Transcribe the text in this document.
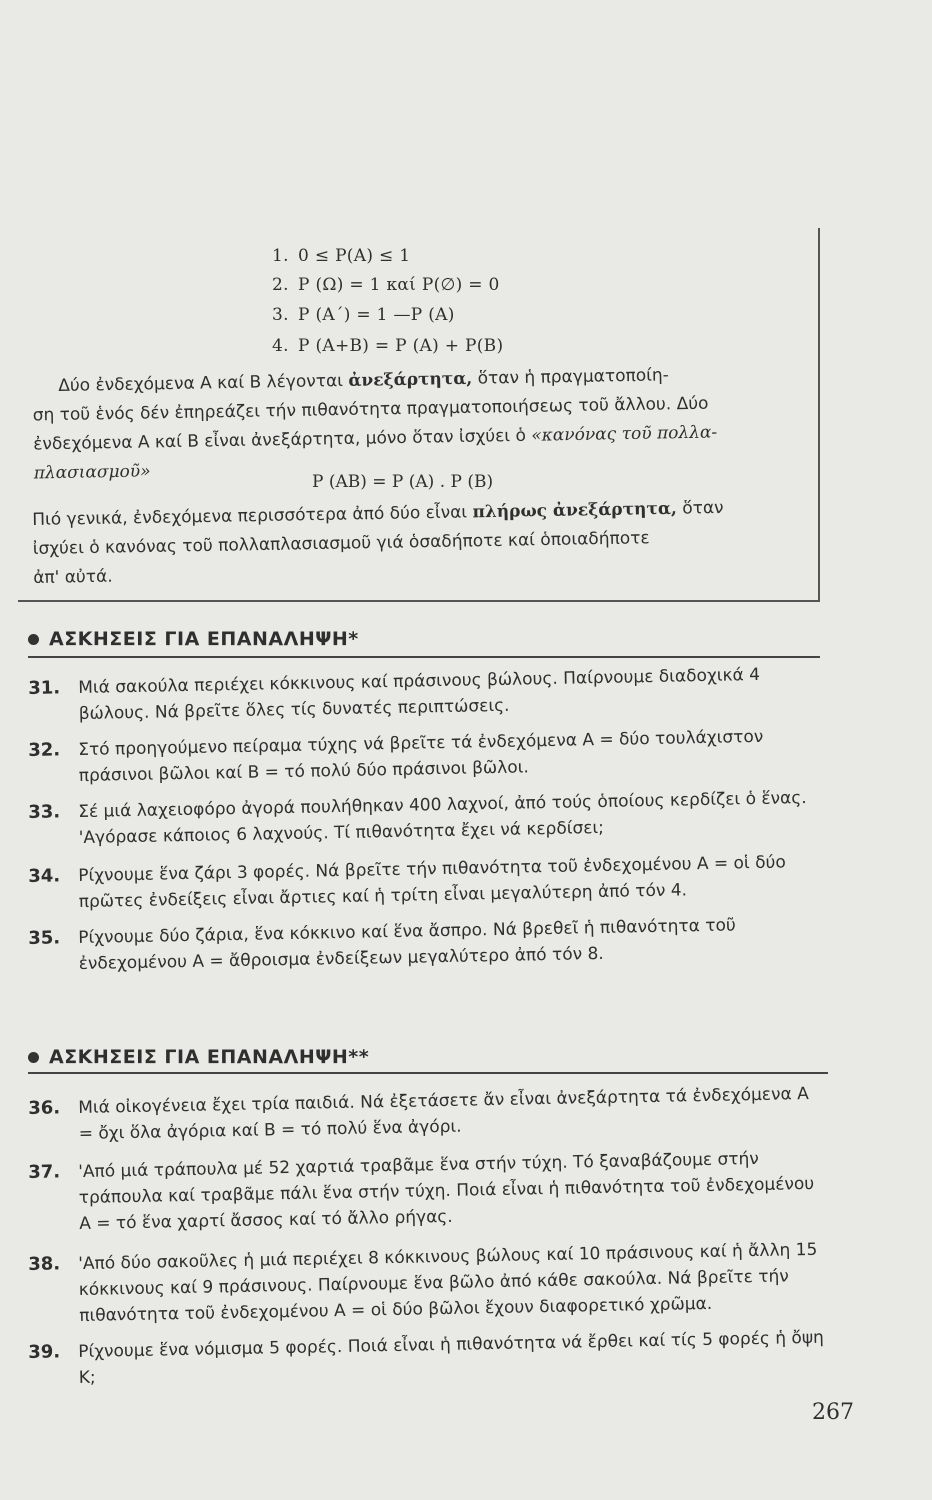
1. 0 ≤ P(A) ≤ 1
2. P (Ω) = 1 καί P(∅) = 0
3. P (A΄) = 1 —P (A)
4. P (A+B) = P (A) + P(B)
Δύο ἐνδεχόμενα Α καί Β λέγονται ἀνεξάρτητα, ὅταν ἡ πραγματοποίη-
ση τοῦ ἑνός δέν ἐπηρεάζει τήν πιθανότητα πραγματοποιήσεως τοῦ ἄλλου. Δύο
ἐνδεχόμενα Α καί Β εἶναι ἀνεξάρτητα, μόνο ὅταν ἰσχύει ὁ «κανόνας τοῦ πολλα-
πλασιασμοῦ»	P (AB) = P (A) . P (B)
Πιό γενικά, ἐνδεχόμενα περισσότερα ἀπό δύο εἶναι πλήρως ἀνεξάρτητα, ὅταν
ἰσχύει ὁ κανόνας τοῦ πολλαπλασιασμοῦ γιά ὁσαδήποτε καί ὁποιαδήποτε
ἀπ' αὐτά.
ΑΣΚΗΣΕΙΣ ΓΙΑ ΕΠΑΝΑΛΗΨΗ*
31. Μιά σακούλα περιέχει κόκκινους καί πράσινους βώλους. Παίρνουμε διαδοχικά 4 βώλους. Νά βρεῖτε ὅλες τίς δυνατές περιπτώσεις.
32. Στό προηγούμενο πείραμα τύχης νά βρεῖτε τά ἐνδεχόμενα Α = δύο τουλάχιστον πράσινοι βῶλοι καί Β = τό πολύ δύο πράσινοι βῶλοι.
33. Σέ μιά λαχειοφόρο ἀγορά πουλήθηκαν 400 λαχνοί, ἀπό τούς ὁποίους κερδίζει ὁ ἕνας. 'Αγόρασε κάποιος 6 λαχνούς. Τί πιθανότητα ἔχει νά κερδίσει;
34. Ρίχνουμε ἕνα ζάρι 3 φορές. Νά βρεῖτε τήν πιθανότητα τοῦ ἐνδεχομένου Α = οἱ δύο πρῶτες ἐνδείξεις εἶναι ἄρτιες καί ἡ τρίτη εἶναι μεγαλύτερη ἀπό τόν 4.
35. Ρίχνουμε δύο ζάρια, ἕνα κόκκινο καί ἕνα ἄσπρο. Νά βρεθεῖ ἡ πιθανότητα τοῦ ἐνδεχομένου Α = ἄθροισμα ἐνδείξεων μεγαλύτερο ἀπό τόν 8.
ΑΣΚΗΣΕΙΣ ΓΙΑ ΕΠΑΝΑΛΗΨΗ**
36. Μιά οἰκογένεια ἔχει τρία παιδιά. Νά ἐξετάσετε ἄν εἶναι ἀνεξάρτητα τά ἐνδεχόμενα Α = ὄχι ὅλα ἀγόρια καί Β = τό πολύ ἕνα ἀγόρι.
37. 'Από μιά τράπουλα μέ 52 χαρτιά τραβᾶμε ἕνα στήν τύχη. Τό ξαναβάζουμε στήν τράπουλα καί τραβᾶμε πάλι ἕνα στήν τύχη. Ποιά εἶναι ἡ πιθανότητα τοῦ ἐνδεχομένου Α = τό ἕνα χαρτί ἄσσος καί τό ἄλλο ρήγας.
38. 'Από δύο σακοῦλες ἡ μιά περιέχει 8 κόκκινους βώλους καί 10 πράσινους καί ἡ ἄλλη 15 κόκκινους καί 9 πράσινους. Παίρνουμε ἕνα βῶλο ἀπό κάθε σακούλα. Νά βρεῖτε τήν πιθανότητα τοῦ ἐνδεχομένου Α = οἱ δύο βῶλοι ἔχουν διαφορετικό χρῶμα.
39. Ρίχνουμε ἕνα νόμισμα 5 φορές. Ποιά εἶναι ἡ πιθανότητα νά ἔρθει καί τίς 5 φορές ἡ ὄψη Κ;
267
